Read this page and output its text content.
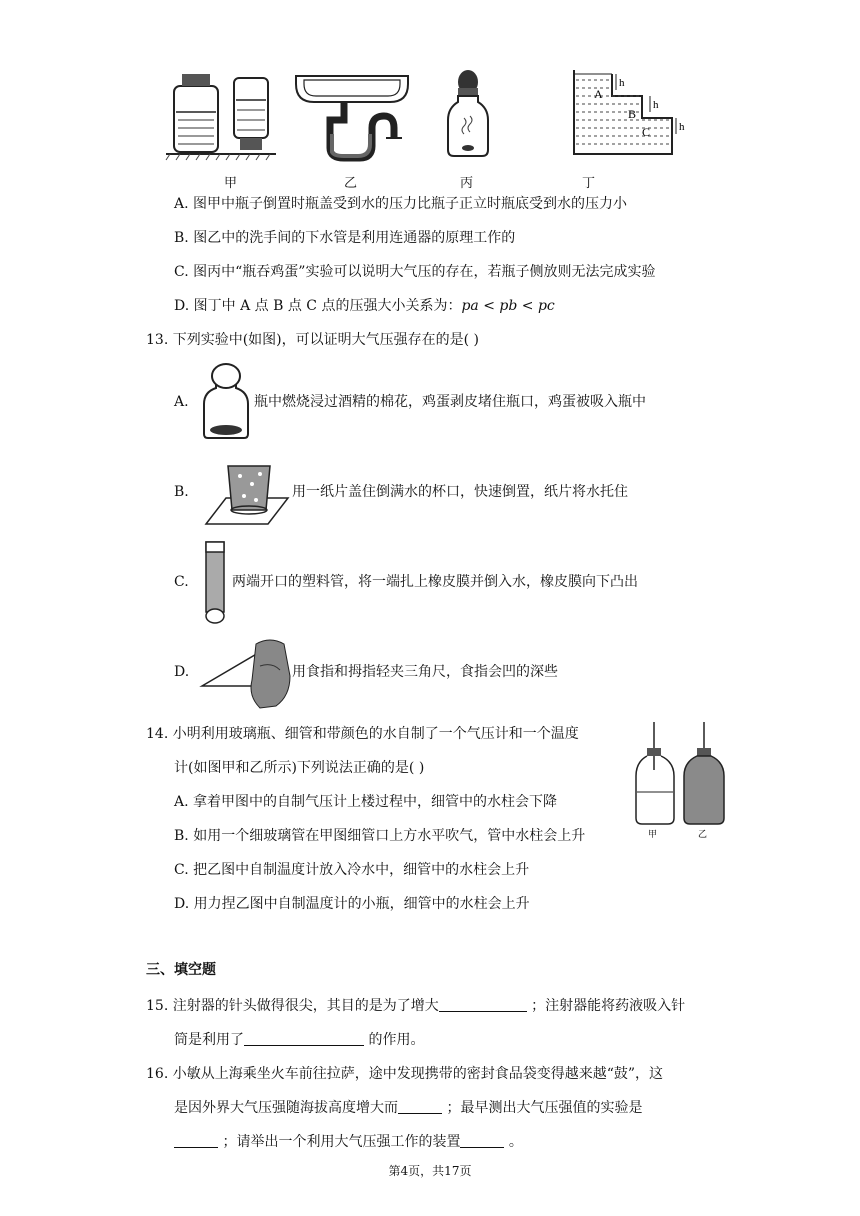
A
B
C
h
h
h
甲	乙	丙	丁
A. 图甲中瓶子倒置时瓶盖受到水的压力比瓶子正立时瓶底受到水的压力小
B. 图乙中的洗手间的下水管是利用连通器的原理工作的
C. 图丙中“瓶吞鸡蛋”实验可以说明大气压的存在，若瓶子侧放则无法完成实验
D. 图丁中 A 点 B 点 C 点的压强大小关系为：pa < pb < pc
13. 下列实验中(如图)，可以证明大气压强存在的是( )
A.	瓶中燃烧浸过酒精的棉花，鸡蛋剥皮堵住瓶口，鸡蛋被吸入瓶中
B.	用一纸片盖住倒满水的杯口，快速倒置，纸片将水托住
C.	两端开口的塑料管，将一端扎上橡皮膜并倒入水，橡皮膜向下凸出
D.	用食指和拇指轻夹三角尺，食指会凹的深些
14. 小明利用玻璃瓶、细管和带颜色的水自制了一个气压计和一个温度
计(如图甲和乙所示)下列说法正确的是( )
甲	乙
A. 拿着甲图中的自制气压计上楼过程中，细管中的水柱会下降
B. 如用一个细玻璃管在甲图细管口上方水平吹气，管中水柱会上升
C. 把乙图中自制温度计放入冷水中，细管中的水柱会上升
D. 用力捏乙图中自制温度计的小瓶，细管中的水柱会上升
三、填空题
15. 注射器的针头做得很尖，其目的是为了增大	；注射器能将药液吸入针
筒是利用了	的作用。
16. 小敏从上海乘坐火车前往拉萨，途中发现携带的密封食品袋变得越来越“鼓”，这
是因外界大气压强随海拔高度增大而	；最早测出大气压强值的实验是
；请举出一个利用大气压强工作的装置	。
第4页，共17页
